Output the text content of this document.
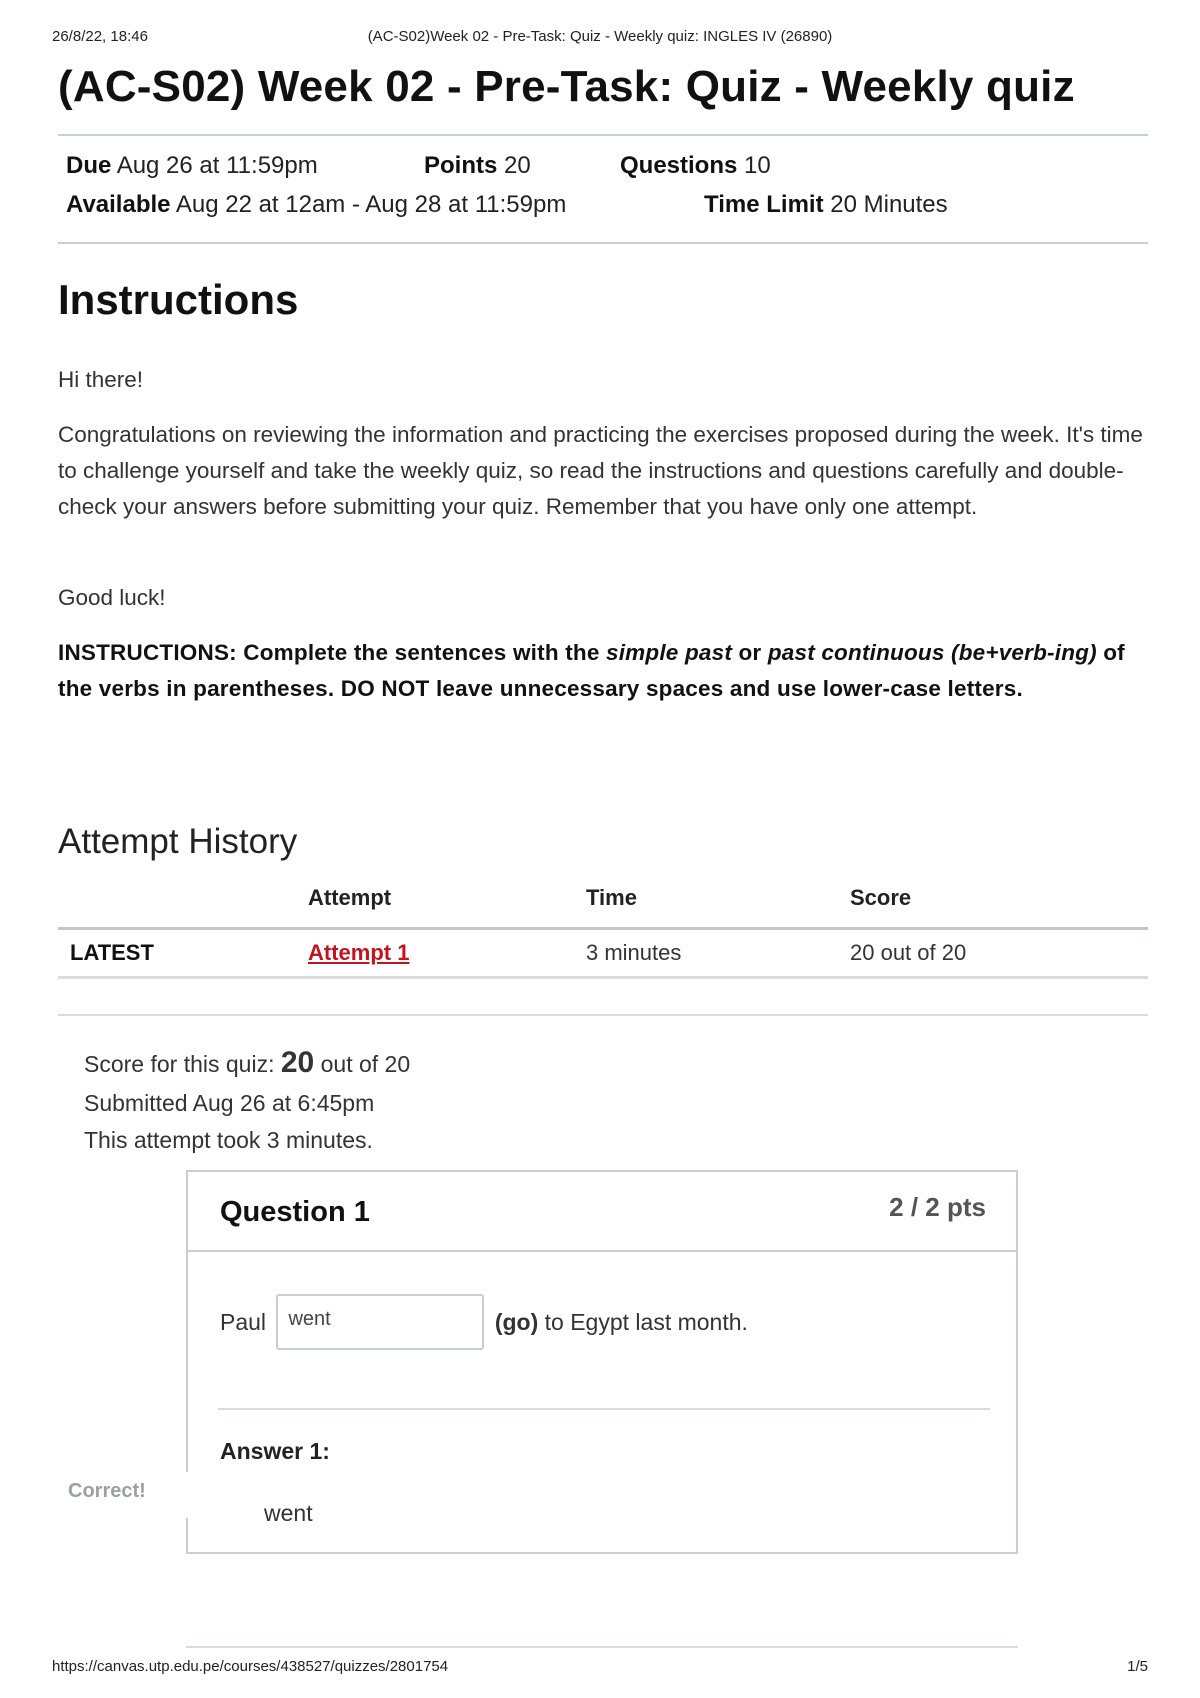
26/8/22, 18:46	(AC-S02)Week 02 - Pre-Task: Quiz - Weekly quiz: INGLES IV (26890)
(AC-S02) Week 02 - Pre-Task: Quiz - Weekly quiz
Due Aug 26 at 11:59pm	Points 20	Questions 10
Available Aug 22 at 12am - Aug 28 at 11:59pm	Time Limit 20 Minutes
Instructions

Hi there!

Congratulations on reviewing the information and practicing the exercises proposed during the week. It's time to challenge yourself and take the weekly quiz, so read the instructions and questions carefully and double-check your answers before submitting your quiz. Remember that you have only one attempt.

Good luck!

INSTRUCTIONS: Complete the sentences with the simple past or past continuous (be+verb-ing) of the verbs in parentheses. DO NOT leave unnecessary spaces and use lower-case letters.

Attempt History
	Attempt	Time	Score
LATEST	Attempt 1	3 minutes	20 out of 20
Score for this quiz: 20 out of 20
Submitted Aug 26 at 6:45pm
This attempt took 3 minutes.
Question 1	2 / 2 pts
Paul went	(go) to Egypt last month.
Answer 1:
went
Correct!
https://canvas.utp.edu.pe/courses/438527/quizzes/2801754	1/5
